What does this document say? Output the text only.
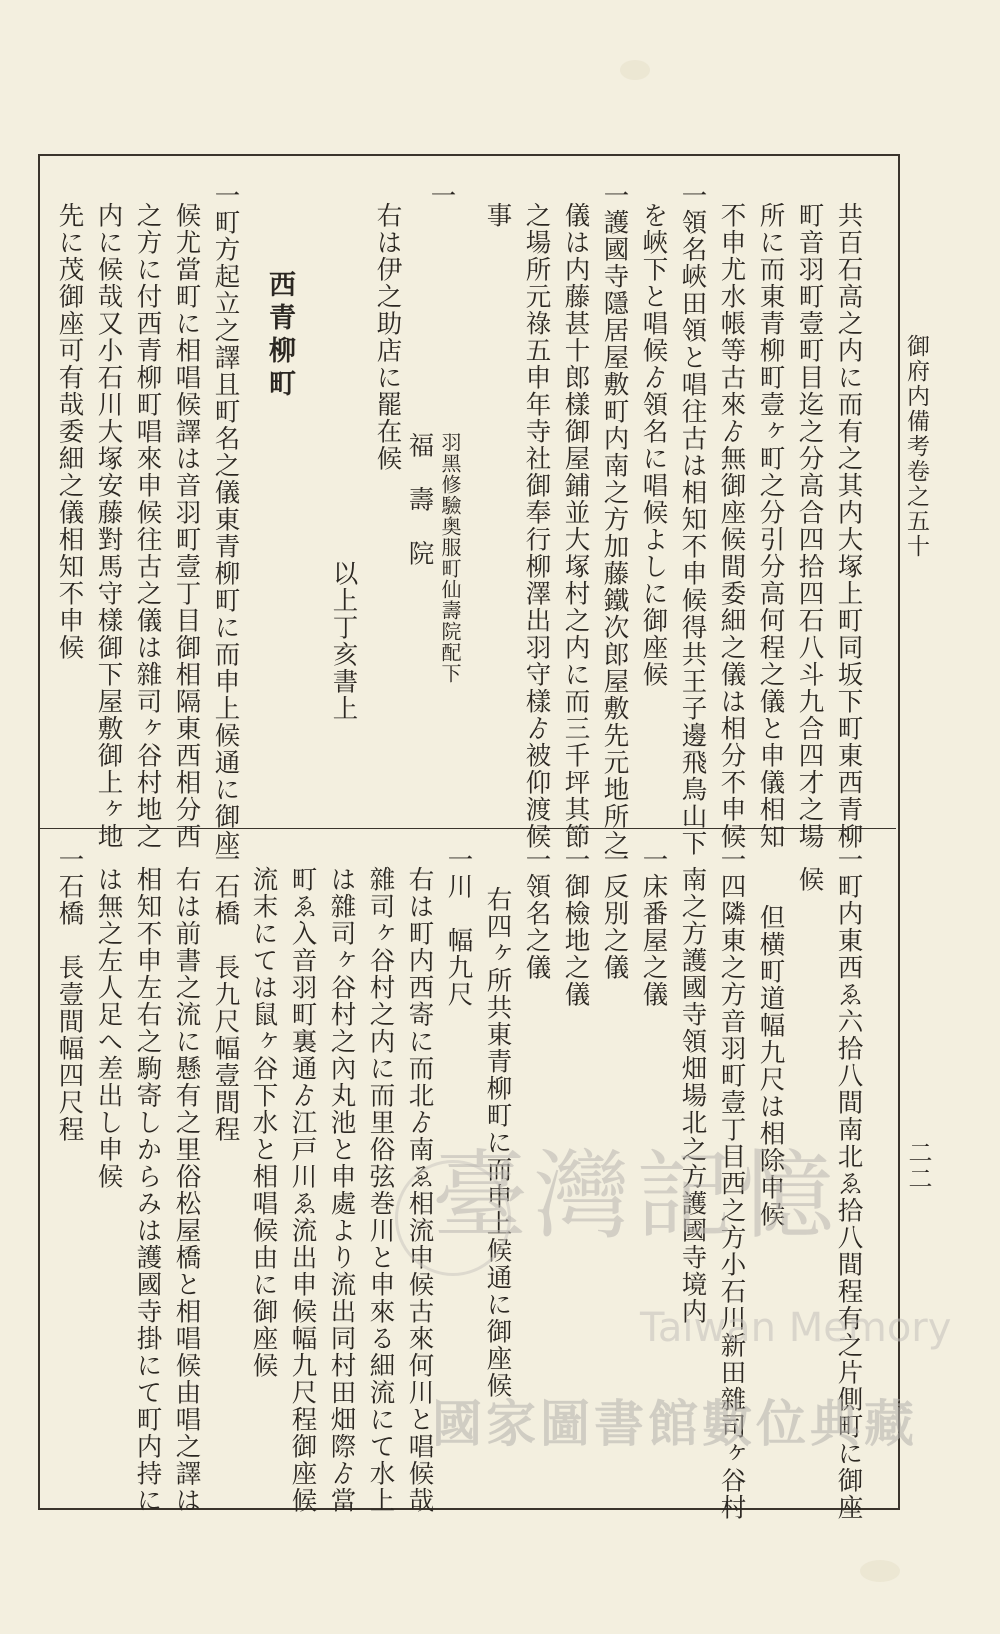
御府内備考卷之五十
二二
共百石高之内に而有之其内大塚上町同坂下町東西青柳
町音羽町壹町目迄之分高合四拾四石八斗九合四才之場
所に而東青柳町壹ヶ町之分引分高何程之儀と申儀相知
不申尤水帳等古來ゟ無御座候間委細之儀は相分不申候
一領名峽田領と唱往古は相知不申候得共王子邊飛鳥山下
を峽下と唱候ゟ領名に唱候よしに御座候
一護國寺隱居屋敷町内南之方加藤鐵次郎屋敷先元地所之
儀は内藤甚十郎樣御屋鋪並大塚村之内に而三千坪其節
之場所元祿五申年寺社御奉行柳澤出羽守樣ゟ被仰渡候
事
一
羽黑修驗奥服町仙壽院配下
福　壽　院
右は伊之助店に罷在候
以上丁亥書上
西青柳町
一町方起立之譯且町名之儀東青柳町に而申上候通に御座
候尤當町に相唱候譯は音羽町壹丁目御相隔東西相分西
之方に付西青柳町唱來申候往古之儀は雜司ヶ谷村地之
内に候哉又小石川大塚安藤對馬守樣御下屋敷御上ヶ地
先に茂御座可有哉委細之儀相知不申候
一町内東西ゑ六拾八間南北ゑ拾八間程有之片側町に御座
候
但横町道幅九尺は相除申候
一四隣東之方音羽町壹丁目西之方小石川新田雜司ヶ谷村
南之方護國寺領畑場北之方護國寺境内
一床番屋之儀
一反別之儀
一御檢地之儀
一領名之儀
右四ヶ所共東青柳町に而申上候通に御座候
一川　幅九尺
右は町内西寄に而北ゟ南ゑ相流申候古來何川と唱候哉
雜司ヶ谷村之内に而里俗弦巻川と申來る細流にて水上
は雜司ヶ谷村之內丸池と申處より流出同村田畑際ゟ當
町ゑ入音羽町裏通ゟ江戸川ゑ流出申候幅九尺程御座候
流末にては鼠ヶ谷下水と相唱候由に御座候
一石橋　長九尺幅壹間程
右は前書之流に懸有之里俗松屋橋と相唱候由唱之譯は
相知不申左右之駒寄しからみは護國寺掛にて町内持に
は無之左人足へ差出し申候
一石橋　長壹間幅四尺程
臺灣記憶
Taiwan Memory
國家圖書館數位典藏
